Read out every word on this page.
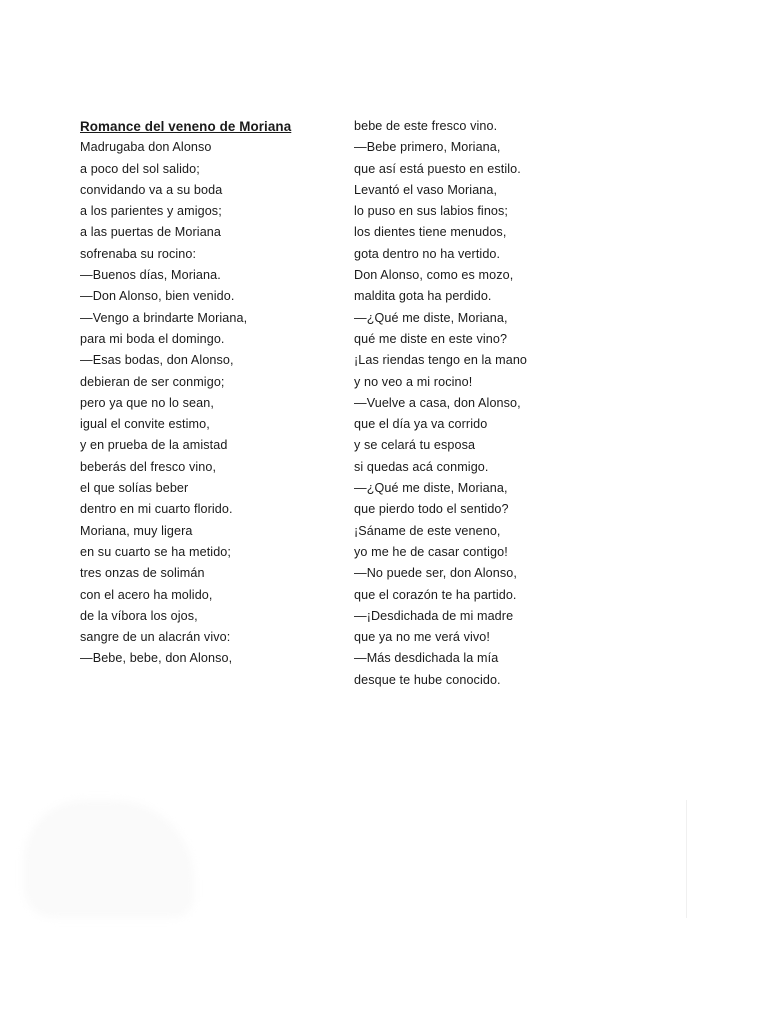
Romance del veneno de Moriana
Madrugaba don Alonso
a poco del sol salido;
convidando va a su boda
a los parientes y amigos;
a las puertas de Moriana
sofrenaba su rocino:
—Buenos días, Moriana.
—Don Alonso, bien venido.
—Vengo a brindarte Moriana,
para mi boda el domingo.
—Esas bodas, don Alonso,
debieran de ser conmigo;
pero ya que no lo sean,
igual el convite estimo,
y en prueba de la amistad
beberás del fresco vino,
el que solías beber
dentro en mi cuarto florido.
Moriana, muy ligera
en su cuarto se ha metido;
tres onzas de solimán
con el acero ha molido,
de la víbora los ojos,
sangre de un alacrán vivo:
—Bebe, bebe, don Alonso,
bebe de este fresco vino.
—Bebe primero, Moriana,
que así está puesto en estilo.
Levantó el vaso Moriana,
lo puso en sus labios finos;
los dientes tiene menudos,
gota dentro no ha vertido.
Don Alonso, como es mozo,
maldita gota ha perdido.
—¿Qué me diste, Moriana,
qué me diste en este vino?
¡Las riendas tengo en la mano
y no veo a mi rocino!
—Vuelve a casa, don Alonso,
que el día ya va corrido
y se celará tu esposa
si quedas acá conmigo.
—¿Qué me diste, Moriana,
que pierdo todo el sentido?
¡Sáname de este veneno,
yo me he de casar contigo!
—No puede ser, don Alonso,
que el corazón te ha partido.
—¡Desdichada de mi madre
que ya no me verá vivo!
—Más desdichada la mía
desque te hube conocido.
